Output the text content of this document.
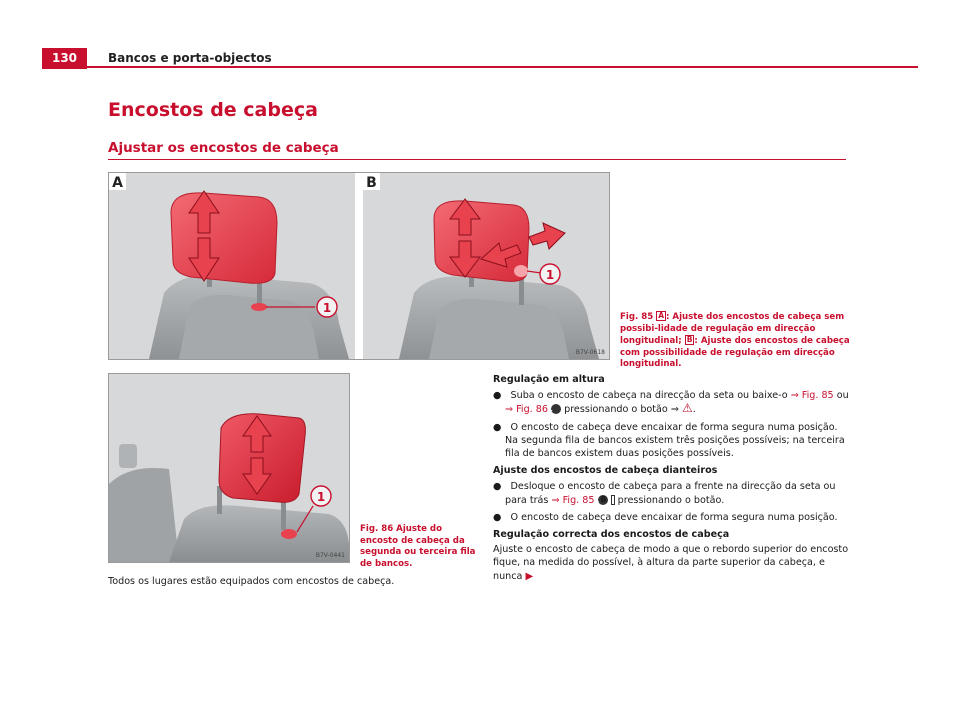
130	Bancos e porta-objectos
Encostos de cabeça
Ajustar os encostos de cabeça
1
A
1
B
B7V-0618
Fig. 85 A : Ajuste dos encostos de cabeça sem possibi-lidade de regulação em direcção longitudinal; B : Ajuste dos encostos de cabeça com possibilidade de regulação em direcção longitudinal.
1
B7V-0441
Fig. 86 Ajuste do encosto de cabeça da segunda ou terceira fila de bancos.
Todos os lugares estão equipados com encostos de cabeça.

Regulação em altura

●   Suba o encosto de cabeça na direcção da seta ou baixe-o ⇒ Fig. 85 ou ⇒ Fig. 86 1 pressionando o botão ⇒ ⚠.

●   O encosto de cabeça deve encaixar de forma segura numa posição. Na segunda fila de bancos existem três posições possíveis; na terceira fila de bancos existem duas posições possíveis.

Ajuste dos encostos de cabeça dianteiros

●   Desloque o encosto de cabeça para a frente na direcção da seta ou para trás ⇒ Fig. 85 1 B pressionando o botão.

●   O encosto de cabeça deve encaixar de forma segura numa posição.

Regulação correcta dos encostos de cabeça

Ajuste o encosto de cabeça de modo a que o rebordo superior do encosto fique, na medida do possível, à altura da parte superior da cabeça, e nunca ▶
